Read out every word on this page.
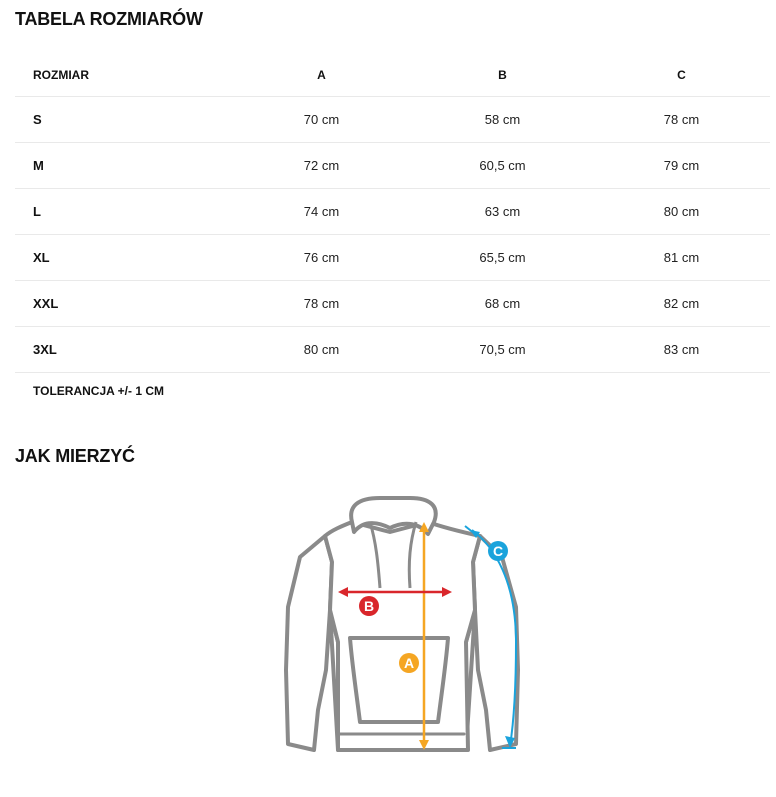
TABELA ROZMIARÓW
ROZMIAR	A	B	C
S	70 cm	58 cm	78 cm
M	72 cm	60,5 cm	79 cm
L	74 cm	63 cm	80 cm
XL	76 cm	65,5 cm	81 cm
XXL	78 cm	68 cm	82 cm
3XL	80 cm	70,5 cm	83 cm
TOLERANCJA +/- 1 CM
JAK MIERZYĆ
B
A
C
